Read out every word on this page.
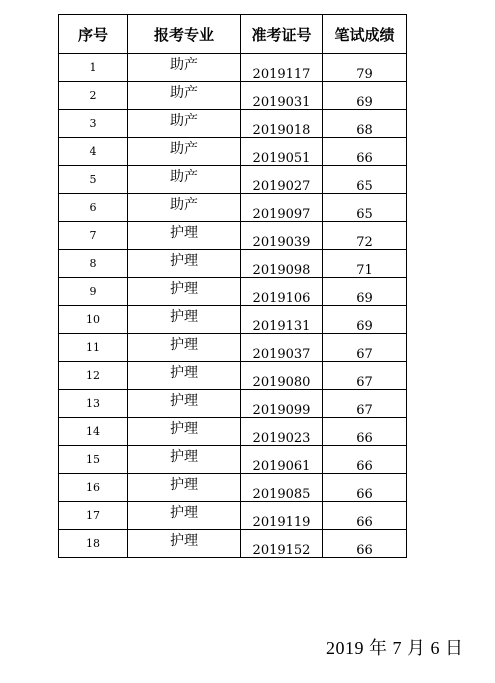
序号	报考专业	准考证号	笔试成绩
1	助产	2019117	79
2	助产	2019031	69
3	助产	2019018	68
4	助产	2019051	66
5	助产	2019027	65
6	助产	2019097	65
7	护理	2019039	72
8	护理	2019098	71
9	护理	2019106	69
10	护理	2019131	69
11	护理	2019037	67
12	护理	2019080	67
13	护理	2019099	67
14	护理	2019023	66
15	护理	2019061	66
16	护理	2019085	66
17	护理	2019119	66
18	护理	2019152	66
2019 年 7 月 6 日
